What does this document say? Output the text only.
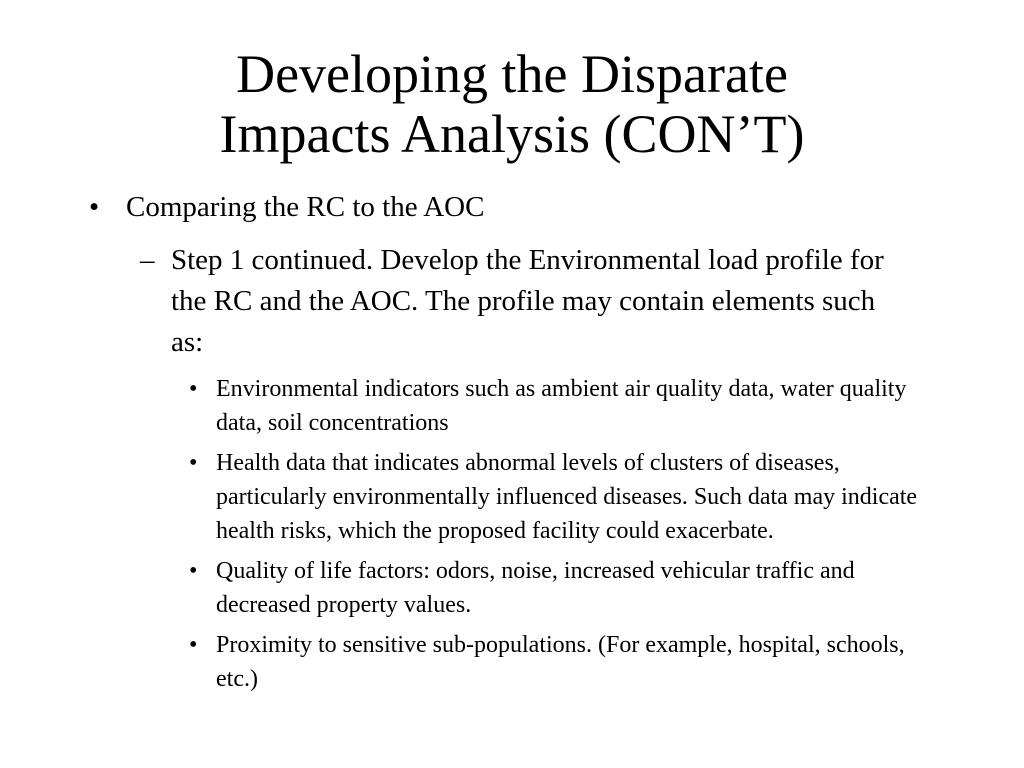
Developing the Disparate
Impacts Analysis (CON’T)
• Comparing the RC to the AOC
– Step 1 continued. Develop the Environmental load profile for the RC and the AOC. The profile may contain elements such as:
• Environmental indicators such as ambient air quality data, water quality data, soil concentrations
• Health data that indicates abnormal levels of clusters of diseases, particularly environmentally influenced diseases. Such data may indicate health risks, which the proposed facility could exacerbate.
• Quality of life factors: odors, noise, increased vehicular traffic and decreased property values.
• Proximity to sensitive sub-populations. (For example, hospital, schools, etc.)
